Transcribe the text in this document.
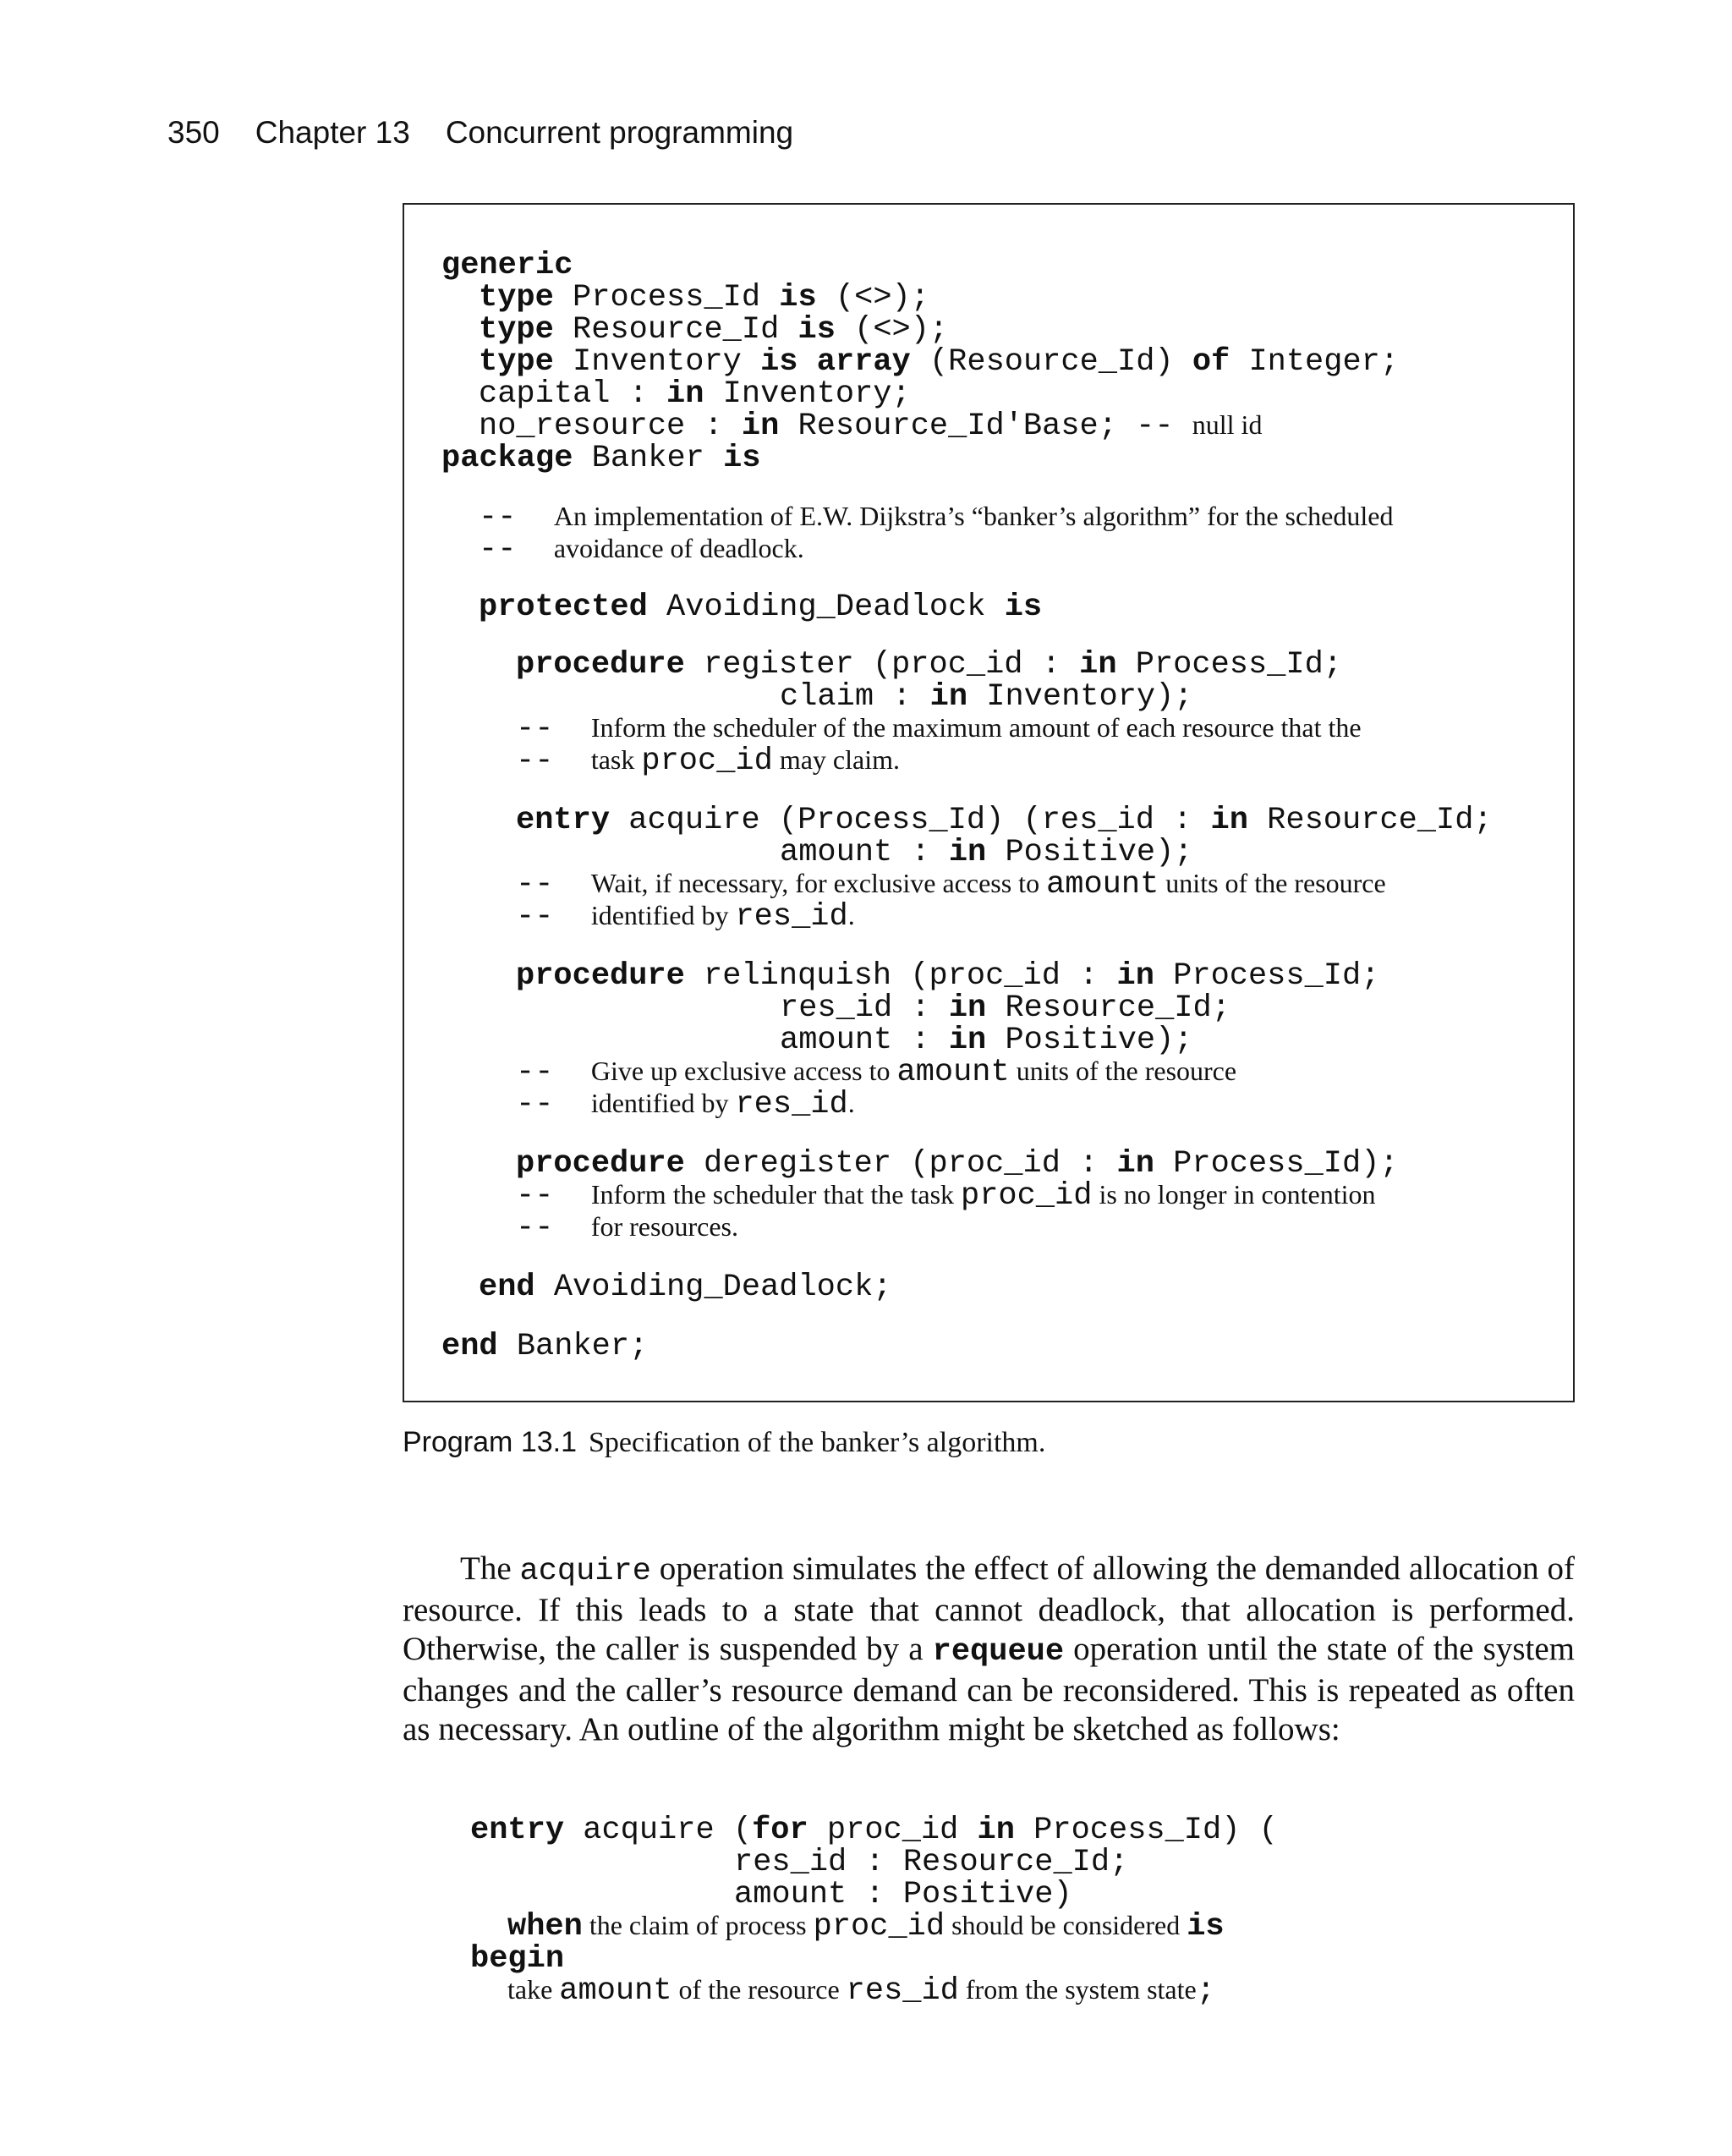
350 Chapter 13 Concurrent programming
generic
type Process_Id is (<>);
type Resource_Id is (<>);
type Inventory is array (Resource_Id) of Integer;
capital : in Inventory;
no_resource : in Resource_Id'Base; -- null id
package Banker is
--  An implementation of E.W. Dijkstra’s “banker’s algorithm” for the scheduled
--  avoidance of deadlock.
protected Avoiding_Deadlock is
procedure register (proc_id : in Process_Id;
claim : in Inventory);
--  Inform the scheduler of the maximum amount of each resource that the
--  task proc_id may claim.
entry acquire (Process_Id) (res_id : in Resource_Id;
amount : in Positive);
--  Wait, if necessary, for exclusive access to amount units of the resource
--  identified by res_id.
procedure relinquish (proc_id : in Process_Id;
res_id : in Resource_Id;
amount : in Positive);
--  Give up exclusive access to amount units of the resource
--  identified by res_id.
procedure deregister (proc_id : in Process_Id);
--  Inform the scheduler that the task proc_id is no longer in contention
--  for resources.
end Avoiding_Deadlock;
end Banker;
Program 13.1 Specification of the banker’s algorithm.
The acquire operation simulates the effect of allowing the demanded allocation of resource. If this leads to a state that cannot deadlock, that allocation is performed. Otherwise, the caller is suspended by a requeue operation until the state of the system changes and the caller’s resource demand can be reconsidered. This is repeated as often as necessary. An outline of the algorithm might be sketched as follows:
entry acquire (for proc_id in Process_Id) (
res_id : Resource_Id;
amount : Positive)
when the claim of process proc_id should be considered is
begin
take amount of the resource res_id from the system state;
